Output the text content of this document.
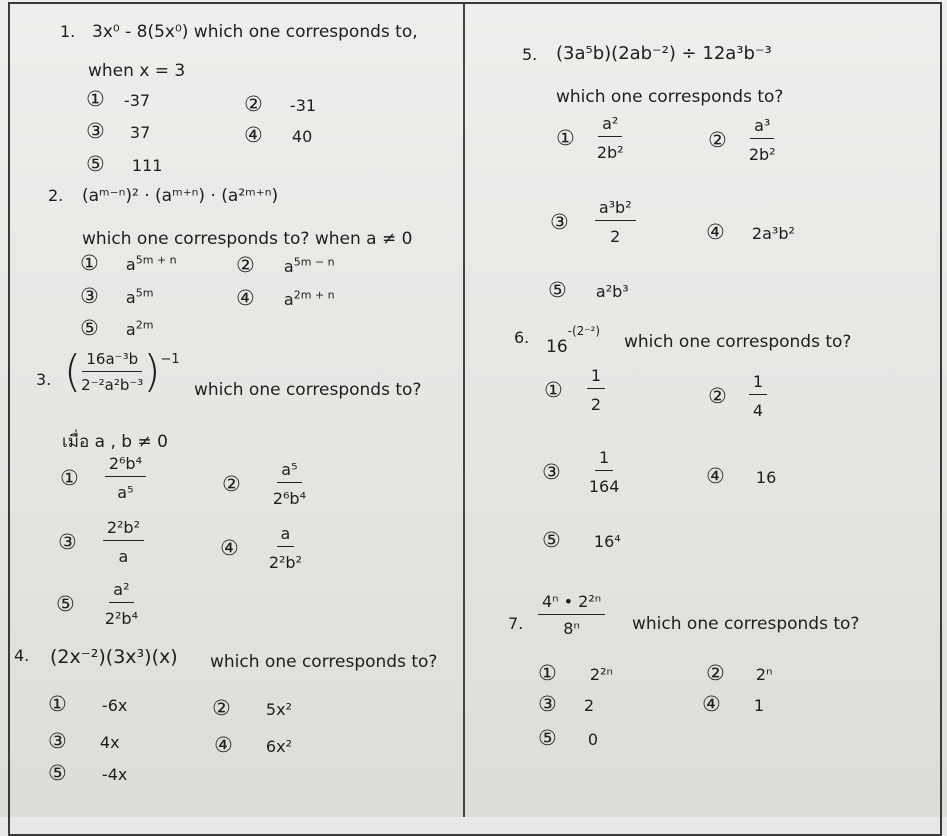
1. 3x⁰ - 8(5x⁰) which one corresponds to,
when x = 3
① -37	② -31
③ 37	④ 40
⑤ 111
2. (aᵐ⁻ⁿ)² · (aᵐ⁺ⁿ) · (a²ᵐ⁺ⁿ)
which one corresponds to? when a ≠ 0
① $a^{5m + n}$	② $a^{5m - n}$
③ $a^{5m}$	④ $a^{2m + n}$
⑤ $a^{2m}$
3. ( $\frac{\text{16a⁻³b}}{\text{2⁻²a²b⁻³}} )^{-1}$
which one corresponds to?
เมื่อ a , b ≠ 0
① $\frac{\text{2⁶b⁴}}{\text{a⁵}}$	② $\frac{\text{a⁵}}{\text{2⁶b⁴}}$
③ $\frac{\text{2²b²}}{a}$	④ $\frac{a}{\text{2²b²}}$
⑤ $\frac{\text{a²}}{\text{2²b⁴}}$
4. (2x⁻²)(3x³)(x) which one corresponds to?
① -6x	② 5x²
③ 4x	④ 6x²
⑤ -4x
5. (3a⁵b)(2ab⁻²) ÷ 12a³b⁻³
which one corresponds to?
① $\frac{\text{a²}}{\text{2b²}}$	② $\frac{\text{a³}}{\text{2b²}}$
③ $\frac{\text{a³b²}}{2}$	④ 2a³b²
⑤ a²b³
6. $16^{-(2^{-2})}$
which one corresponds to?
① $\frac{1}{2}$	② $\frac{1}{4}$
③ $\frac{1}{164}$	④ 16
⑤ 16⁴
7. $\frac{\text{4ⁿ • 2²ⁿ}}{\text{8ⁿ}}$ which one corresponds to?
① 2²ⁿ	② 2ⁿ
③ 2	④ 1
⑤ 0
